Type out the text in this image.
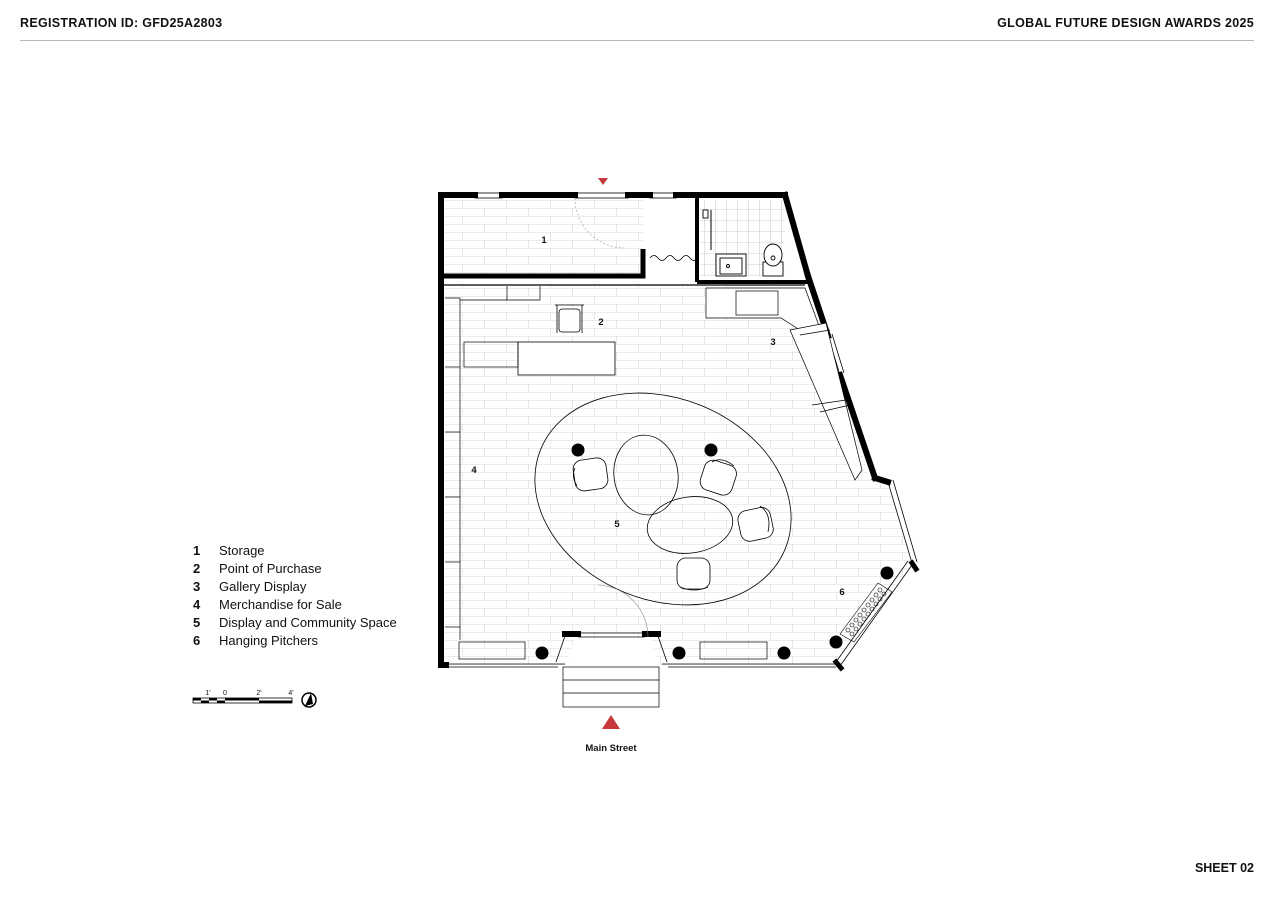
REGISTRATION ID: GFD25A2803	GLOBAL FUTURE DESIGN AWARDS 2025
1
2
3
4
5
6
1' 0	2'	4'
1	Storage
2	Point of Purchase
3	Gallery Display
4	Merchandise for Sale
5	Display and Community Space
6	Hanging Pitchers
Main Street
SHEET 02
